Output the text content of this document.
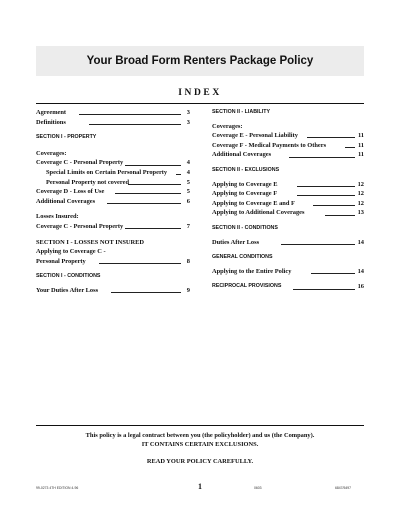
Your Broad Form Renters Package Policy
INDEX
Agreement	3
Definitions	3
SECTION I - PROPERTY
Coverages:
Coverage C - Personal Property	4
Special Limits on Certain Personal Property	4
Personal Property not covered	5
Coverage D - Loss of Use	5
Additional Coverages	6
Losses Insured:
Coverage C - Personal Property	7
SECTION I - LOSSES NOT INSURED
Applying to Coverage C -
Personal Property	8
SECTION I - CONDITIONS
Your Duties After Loss	9
SECTION II - LIABILITY
Coverages:
Coverage E - Personal Liability	11
Coverage F - Medical Payments to Others	11
Additional Coverages	11
SECTION II - EXCLUSIONS
Applying to Coverage E	12
Applying to Coverage F	12
Applying to Coverage E and F	12
Applying to Additional Coverages	13
SECTION II - CONDITIONS
Duties After Loss	14
GENERAL CONDITIONS
Applying to the Entire Policy	14
RECIPROCAL PROVISIONS	16
This policy is a legal contract between you (the policyholder) and us (the Company).
IT CONTAINS CERTAIN EXCLUSIONS.
READ YOUR POLICY CAREFULLY.
1
99-0273 4TH EDITION 4-96	0603	6847/5497
